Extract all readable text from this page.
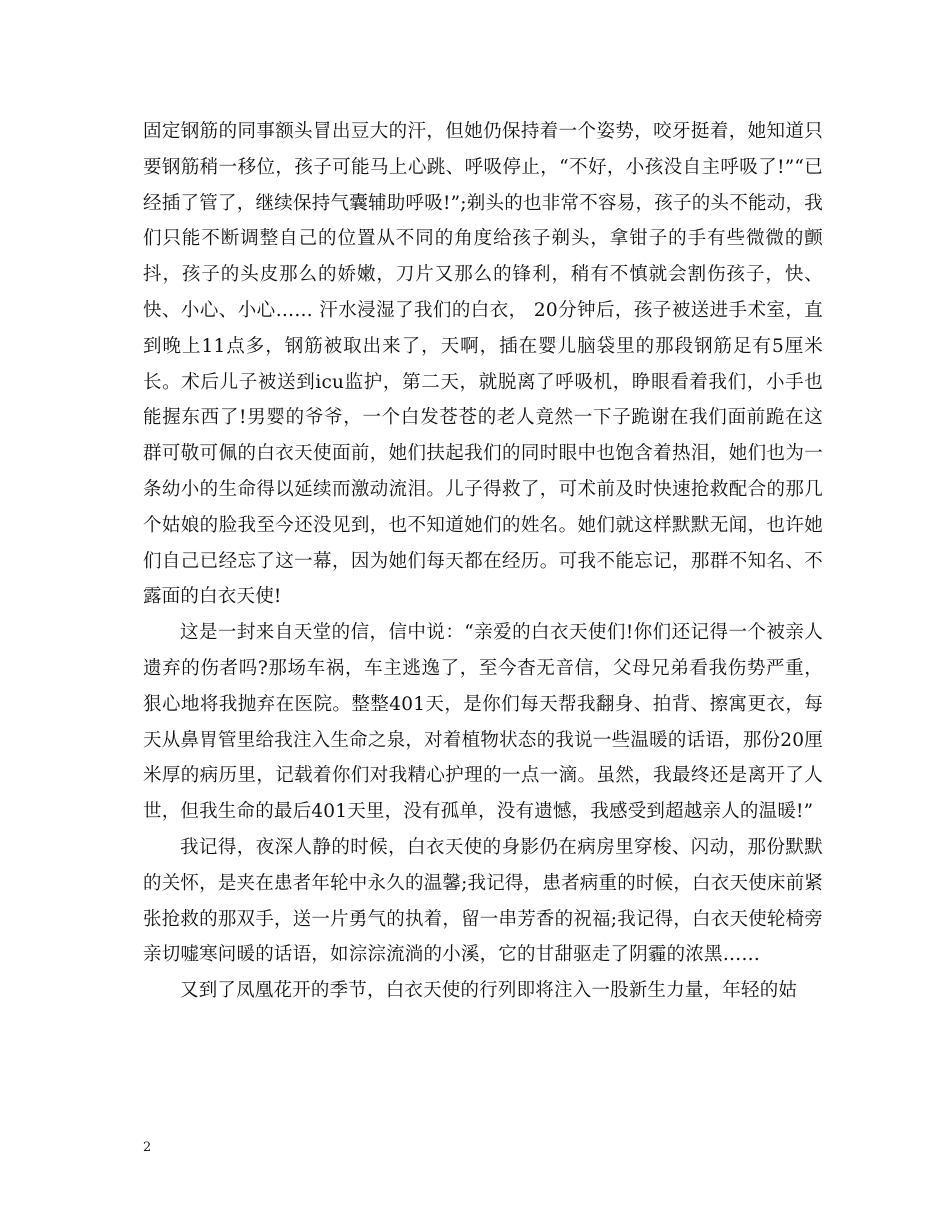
固定钢筋的同事额头冒出豆大的汗，但她仍保持着一个姿势，咬牙挺着，她知道只要钢筋稍一移位，孩子可能马上心跳、呼吸停止，“不好，小孩没自主呼吸了!”“已经插了管了，继续保持气囊辅助呼吸!”;剃头的也非常不容易，孩子的头不能动，我们只能不断调整自己的位置从不同的角度给孩子剃头，拿钳子的手有些微微的颤抖，孩子的头皮那么的娇嫩，刀片又那么的锋利，稍有不慎就会割伤孩子，快、快、小心、小心…… 汗水浸湿了我们的白衣， 20分钟后，孩子被送进手术室，直到晚上11点多，钢筋被取出来了，天啊，插在婴儿脑袋里的那段钢筋足有5厘米长。术后儿子被送到icu监护，第二天，就脱离了呼吸机，睁眼看着我们，小手也能握东西了!男婴的爷爷，一个白发苍苍的老人竟然一下子跪谢在我们面前跪在这群可敬可佩的白衣天使面前，她们扶起我们的同时眼中也饱含着热泪，她们也为一条幼小的生命得以延续而激动流泪。儿子得救了，可术前及时快速抢救配合的那几个姑娘的脸我至今还没见到，也不知道她们的姓名。她们就这样默默无闻，也许她们自己已经忘了这一幕，因为她们每天都在经历。可我不能忘记，那群不知名、不露面的白衣天使!

这是一封来自天堂的信，信中说：“亲爱的白衣天使们!你们还记得一个被亲人遗弃的伤者吗?那场车祸，车主逃逸了，至今杳无音信，父母兄弟看我伤势严重，狠心地将我抛弃在医院。整整401天，是你们每天帮我翻身、拍背、擦寓更衣，每天从鼻胃管里给我注入生命之泉，对着植物状态的我说一些温暖的话语，那份20厘米厚的病历里，记载着你们对我精心护理的一点一滴。虽然，我最终还是离开了人世，但我生命的最后401天里，没有孤单，没有遗憾，我感受到超越亲人的温暖!”

我记得，夜深人静的时候，白衣天使的身影仍在病房里穿梭、闪动，那份默默的关怀，是夹在患者年轮中永久的温馨;我记得，患者病重的时候，白衣天使床前紧张抢救的那双手，送一片勇气的执着，留一串芳香的祝福;我记得，白衣天使轮椅旁亲切嘘寒问暖的话语，如淙淙流淌的小溪，它的甘甜驱走了阴霾的浓黑……

又到了凤凰花开的季节，白衣天使的行列即将注入一股新生力量，年轻的姑

2
